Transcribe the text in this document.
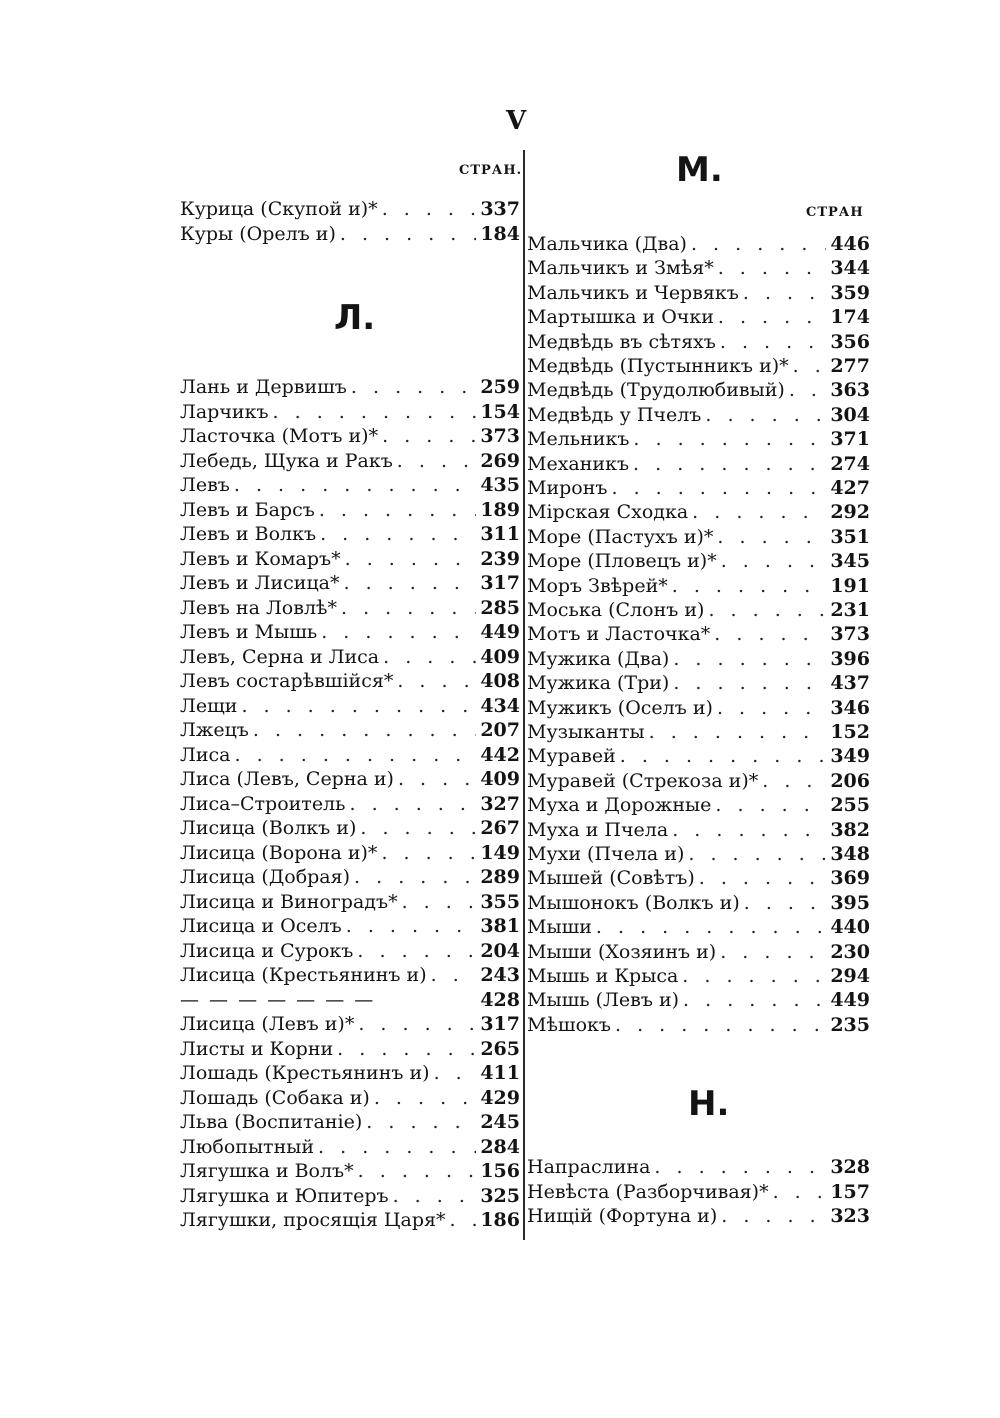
V
СТРАН.	М.
СТРАН
Л.
Н.
Курица (Скупой и)* . . .	337
Куры (Орелъ и) . . .	184
Лань и Дервишъ . . .	259
Ларчикъ . . .	154
Ласточка (Мотъ и)* . . .	373
Лебедь, Щука и Ракъ . . .	269
Левъ . . .	435
Левъ и Барсъ . . .	189
Левъ и Волкъ . . .	311
Левъ и Комаръ* . . .	239
Левъ и Лисица* . . .	317
Левъ на Ловлѣ* . . .	285
Левъ и Мышь . . .	449
Левъ, Серна и Лиса . . .	409
Левъ состарѣвшійся* . . .	408
Лещи . . .	434
Лжецъ . . .	207
Лиса . . .	442
Лиса (Левъ, Серна и) . . .	409
Лиса–Строитель . . .	327
Лисица (Волкъ и) . . .	267
Лисица (Ворона и)* . . .	149
Лисица (Добрая) . . .	289
Лисица и Виноградъ* . . .	355
Лисица и Оселъ . . .	381
Лисица и Сурокъ . . .	204
Лисица (Крестьянинъ и) . . .	243
— — — — — — —	428
Лисица (Левъ и)* . . .	317
Листы и Корни . . .	265
Лошадь (Крестьянинъ и) . . .	411
Лошадь (Собака и) . . .	429
Льва (Воспитаніе) . . .	245
Любопытный . . .	284
Лягушка и Волъ* . . .	156
Лягушка и Юпитеръ . . .	325
Лягушки, просящія Царя* . . . 186
Мальчика (Два) . . .	446
Мальчикъ и Змѣя* . . .	344
Мальчикъ и Червякъ . . .	359
Мартышка и Очки . . .	174
Медвѣдь въ сѣтяхъ . . .	356
Медвѣдь (Пустынникъ и)* . . . 277
Медвѣдь (Трудолюбивый) . . . 363
Медвѣдь у Пчелъ . . .	304
Мельникъ . . .	371
Механикъ . . .	274
Миронъ . . .	427
Мірская Сходка . . .	292
Море (Пастухъ и)* . . .	351
Море (Пловецъ и)* . . .	345
Моръ Звѣрей* . . .	191
Моська (Слонъ и) . . .	231
Мотъ и Ласточка* . . .	373
Мужика (Два) . . .	396
Мужика (Три) . . .	437
Мужикъ (Оселъ и) . . .	346
Музыканты . . .	152
Муравей . . .	349
Муравей (Стрекоза и)* . . .	206
Муха и Дорожные . . .	255
Муха и Пчела . . .	382
Мухи (Пчела и) . . .	348
Мышей (Совѣтъ) . . .	369
Мышонокъ (Волкъ и) . . .	395
Мыши . . .	440
Мыши (Хозяинъ и) . . .	230
Мышь и Крыса . . .	294
Мышь (Левъ и) . . .	449
Мѣшокъ . . .	235
Напраслина . . .	328
Невѣста (Разборчивая)* . . .	157
Нищій (Фортуна и) . . .	323
